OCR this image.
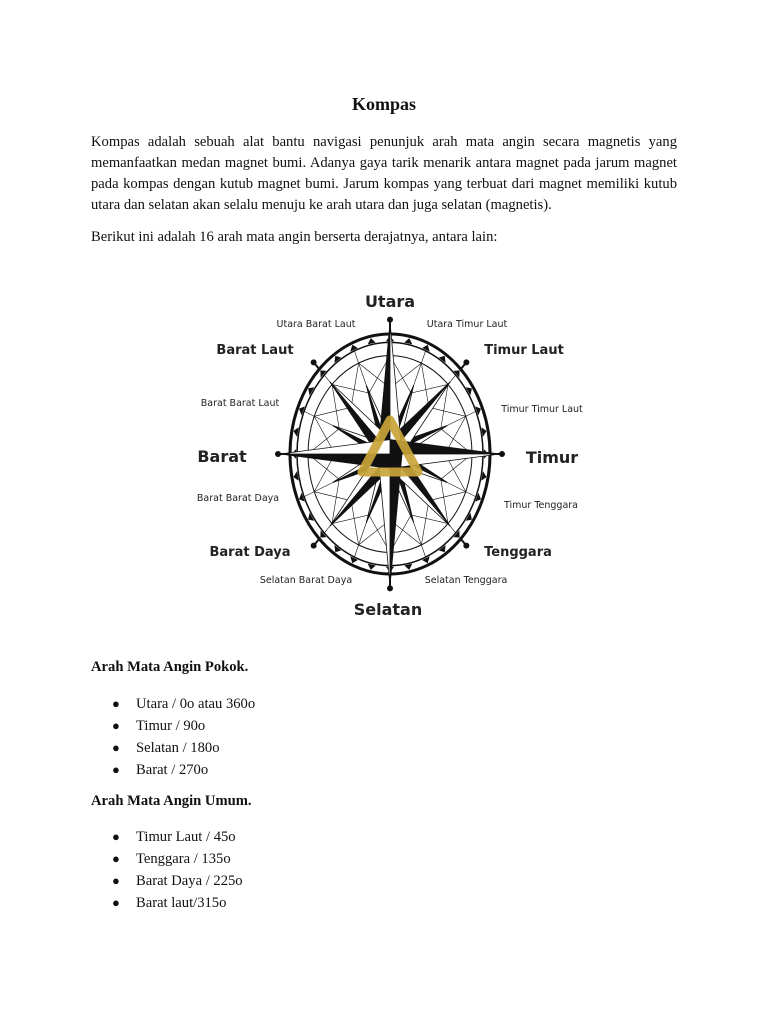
Kompas

Kompas adalah sebuah alat bantu navigasi penunjuk arah mata angin secara magnetis yang memanfaatkan medan magnet bumi. Adanya gaya tarik menarik antara magnet pada jarum magnet pada kompas dengan kutub magnet bumi. Jarum kompas yang terbuat dari magnet memiliki kutub utara dan selatan akan selalu menuju ke arah utara dan juga selatan (magnetis).

Berikut ini adalah 16 arah mata angin berserta derajatnya, antara lain:

Utara
Utara Timur Laut
Timur Laut
Timur Timur Laut
Timur
Timur Tenggara
Tenggara
Selatan Tenggara
Selatan
Selatan Barat Daya
Barat Daya
Barat Barat Daya
Barat
Barat Barat Laut
Barat Laut
Utara Barat Laut
Arah Mata Angin Pokok.
● Utara / 0o atau 360o
● Timur / 90o
● Selatan / 180o
● Barat / 270o
Arah Mata Angin Umum.
● Timur Laut / 45o
● Tenggara / 135o
● Barat Daya / 225o
● Barat laut/315o
